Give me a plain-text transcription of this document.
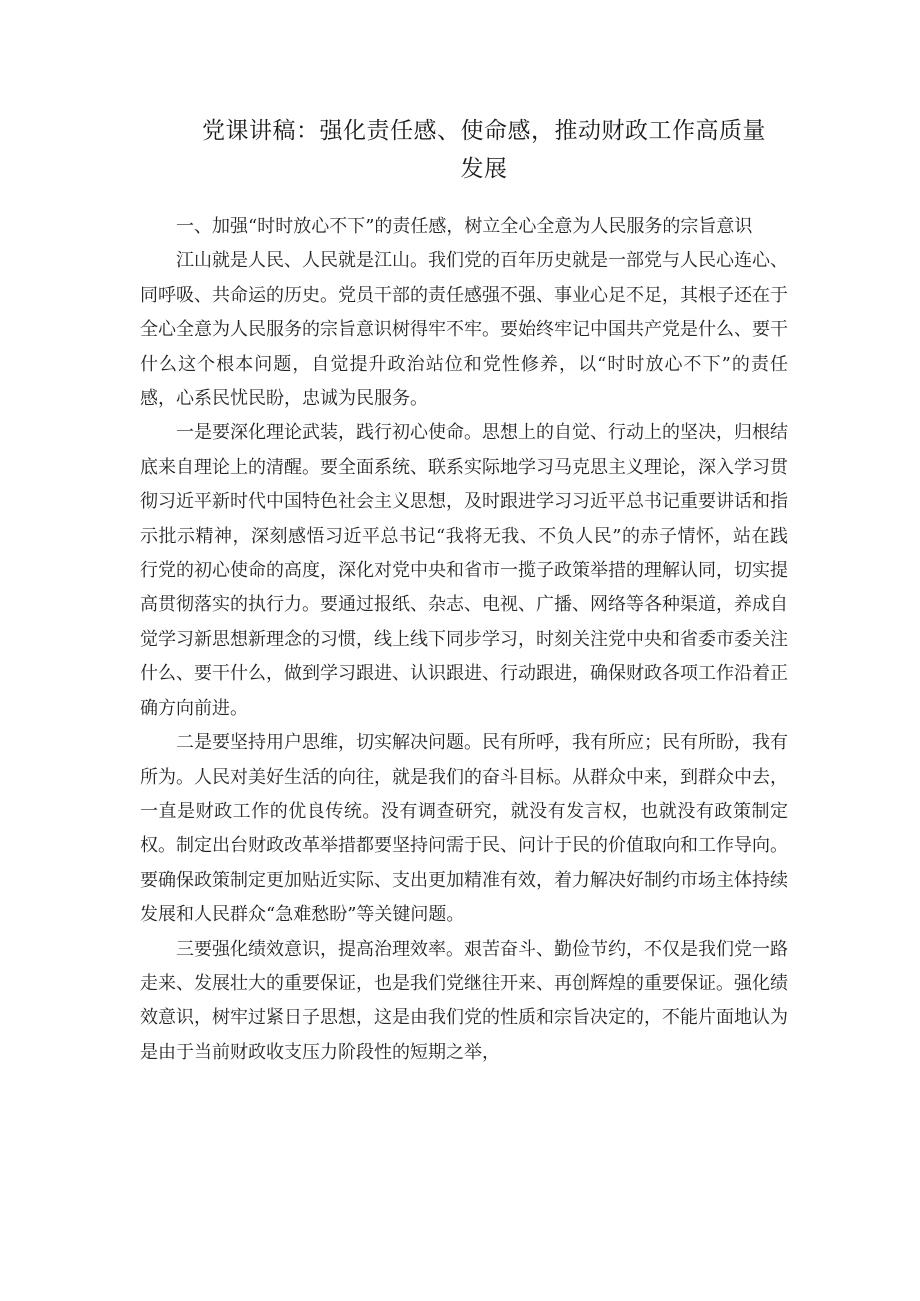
党课讲稿：强化责任感、使命感，推动财政工作高质量
发展

一、加强“时时放心不下”的责任感，树立全心全意为人民服务的宗旨意识

江山就是人民、人民就是江山。我们党的百年历史就是一部党与人民心连心、同呼吸、共命运的历史。党员干部的责任感强不强、事业心足不足，其根子还在于全心全意为人民服务的宗旨意识树得牢不牢。要始终牢记中国共产党是什么、要干什么这个根本问题，自觉提升政治站位和党性修养，以“时时放心不下”的责任感，心系民忧民盼，忠诚为民服务。

一是要深化理论武装，践行初心使命。思想上的自觉、行动上的坚决，归根结底来自理论上的清醒。要全面系统、联系实际地学习马克思主义理论，深入学习贯彻习近平新时代中国特色社会主义思想，及时跟进学习习近平总书记重要讲话和指示批示精神，深刻感悟习近平总书记“我将无我、不负人民”的赤子情怀，站在践行党的初心使命的高度，深化对党中央和省市一揽子政策举措的理解认同，切实提高贯彻落实的执行力。要通过报纸、杂志、电视、广播、网络等各种渠道，养成自觉学习新思想新理念的习惯，线上线下同步学习，时刻关注党中央和省委市委关注什么、要干什么，做到学习跟进、认识跟进、行动跟进，确保财政各项工作沿着正确方向前进。

二是要坚持用户思维，切实解决问题。民有所呼，我有所应；民有所盼，我有所为。人民对美好生活的向往，就是我们的奋斗目标。从群众中来，到群众中去，一直是财政工作的优良传统。没有调查研究，就没有发言权，也就没有政策制定权。制定出台财政改革举措都要坚持问需于民、问计于民的价值取向和工作导向。要确保政策制定更加贴近实际、支出更加精准有效，着力解决好制约市场主体持续发展和人民群众“急难愁盼”等关键问题。

三要强化绩效意识，提高治理效率。艰苦奋斗、勤俭节约，不仅是我们党一路走来、发展壮大的重要保证，也是我们党继往开来、再创辉煌的重要保证。强化绩效意识，树牢过紧日子思想，这是由我们党的性质和宗旨决定的，不能片面地认为是由于当前财政收支压力阶段性的短期之举，
